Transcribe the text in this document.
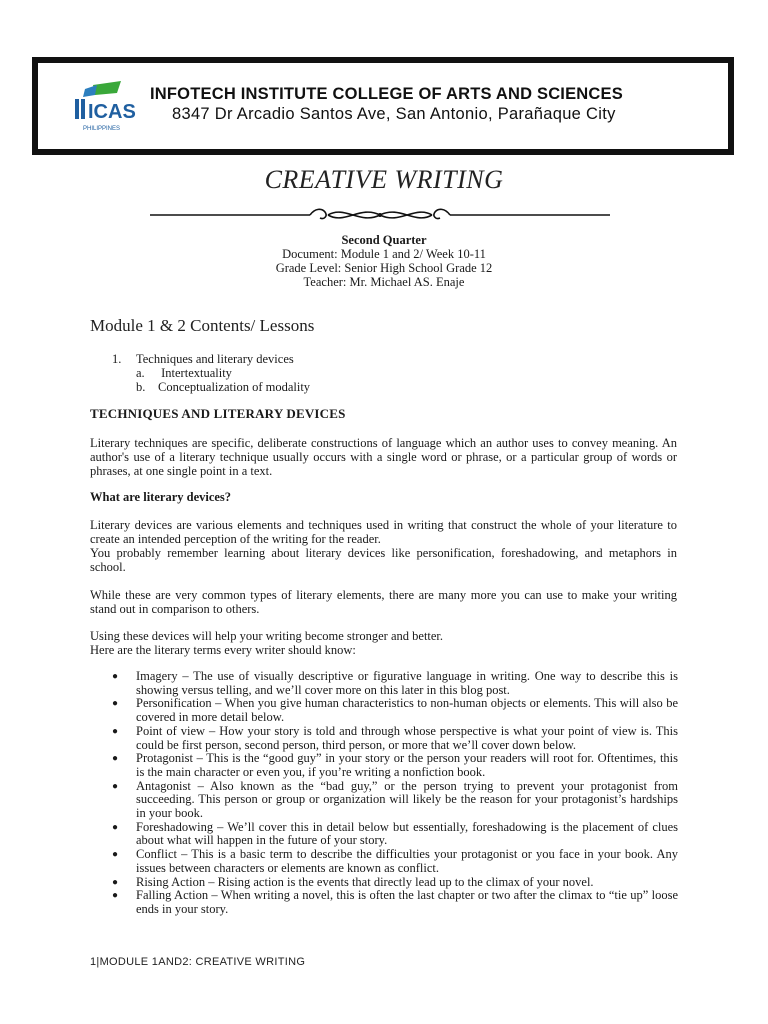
ICAS
PHILIPPINES
INFOTECH INSTITUTE COLLEGE OF ARTS AND SCIENCES
8347 Dr Arcadio Santos Ave, San Antonio, Parañaque City
CREATIVE WRITING
Second Quarter
Document: Module 1 and 2/ Week 10-11
Grade Level: Senior High School Grade 12
Teacher: Mr. Michael AS. Enaje
Module 1 & 2 Contents/ Lessons
1. Techniques and literary devices
a. Intertextuality
b. Conceptualization of modality
TECHNIQUES AND LITERARY DEVICES
Literary techniques are specific, deliberate constructions of language which an author uses to convey meaning. An author's use of a literary technique usually occurs with a single word or phrase, or a particular group of words or phrases, at one single point in a text.
What are literary devices?
Literary devices are various elements and techniques used in writing that construct the whole of your literature to create an intended perception of the writing for the reader.
You probably remember learning about literary devices like personification, foreshadowing, and metaphors in school.
While these are very common types of literary elements, there are many more you can use to make your writing stand out in comparison to others.
Using these devices will help your writing become stronger and better.
Here are the literary terms every writer should know:
● Imagery – The use of visually descriptive or figurative language in writing. One way to describe this is showing versus telling, and we’ll cover more on this later in this blog post.
● Personification – When you give human characteristics to non-human objects or elements. This will also be covered in more detail below.
● Point of view – How your story is told and through whose perspective is what your point of view is. This could be first person, second person, third person, or more that we’ll cover down below.
● Protagonist – This is the “good guy” in your story or the person your readers will root for. Oftentimes, this is the main character or even you, if you’re writing a nonfiction book.
● Antagonist – Also known as the “bad guy,” or the person trying to prevent your protagonist from succeeding. This person or group or organization will likely be the reason for your protagonist’s hardships in your book.
● Foreshadowing – We’ll cover this in detail below but essentially, foreshadowing is the placement of clues about what will happen in the future of your story.
● Conflict – This is a basic term to describe the difficulties your protagonist or you face in your book. Any issues between characters or elements are known as conflict.
● Rising Action – Rising action is the events that directly lead up to the climax of your novel.
● Falling Action – When writing a novel, this is often the last chapter or two after the climax to “tie up” loose ends in your story.
1|MODULE 1AND2: CREATIVE WRITING
